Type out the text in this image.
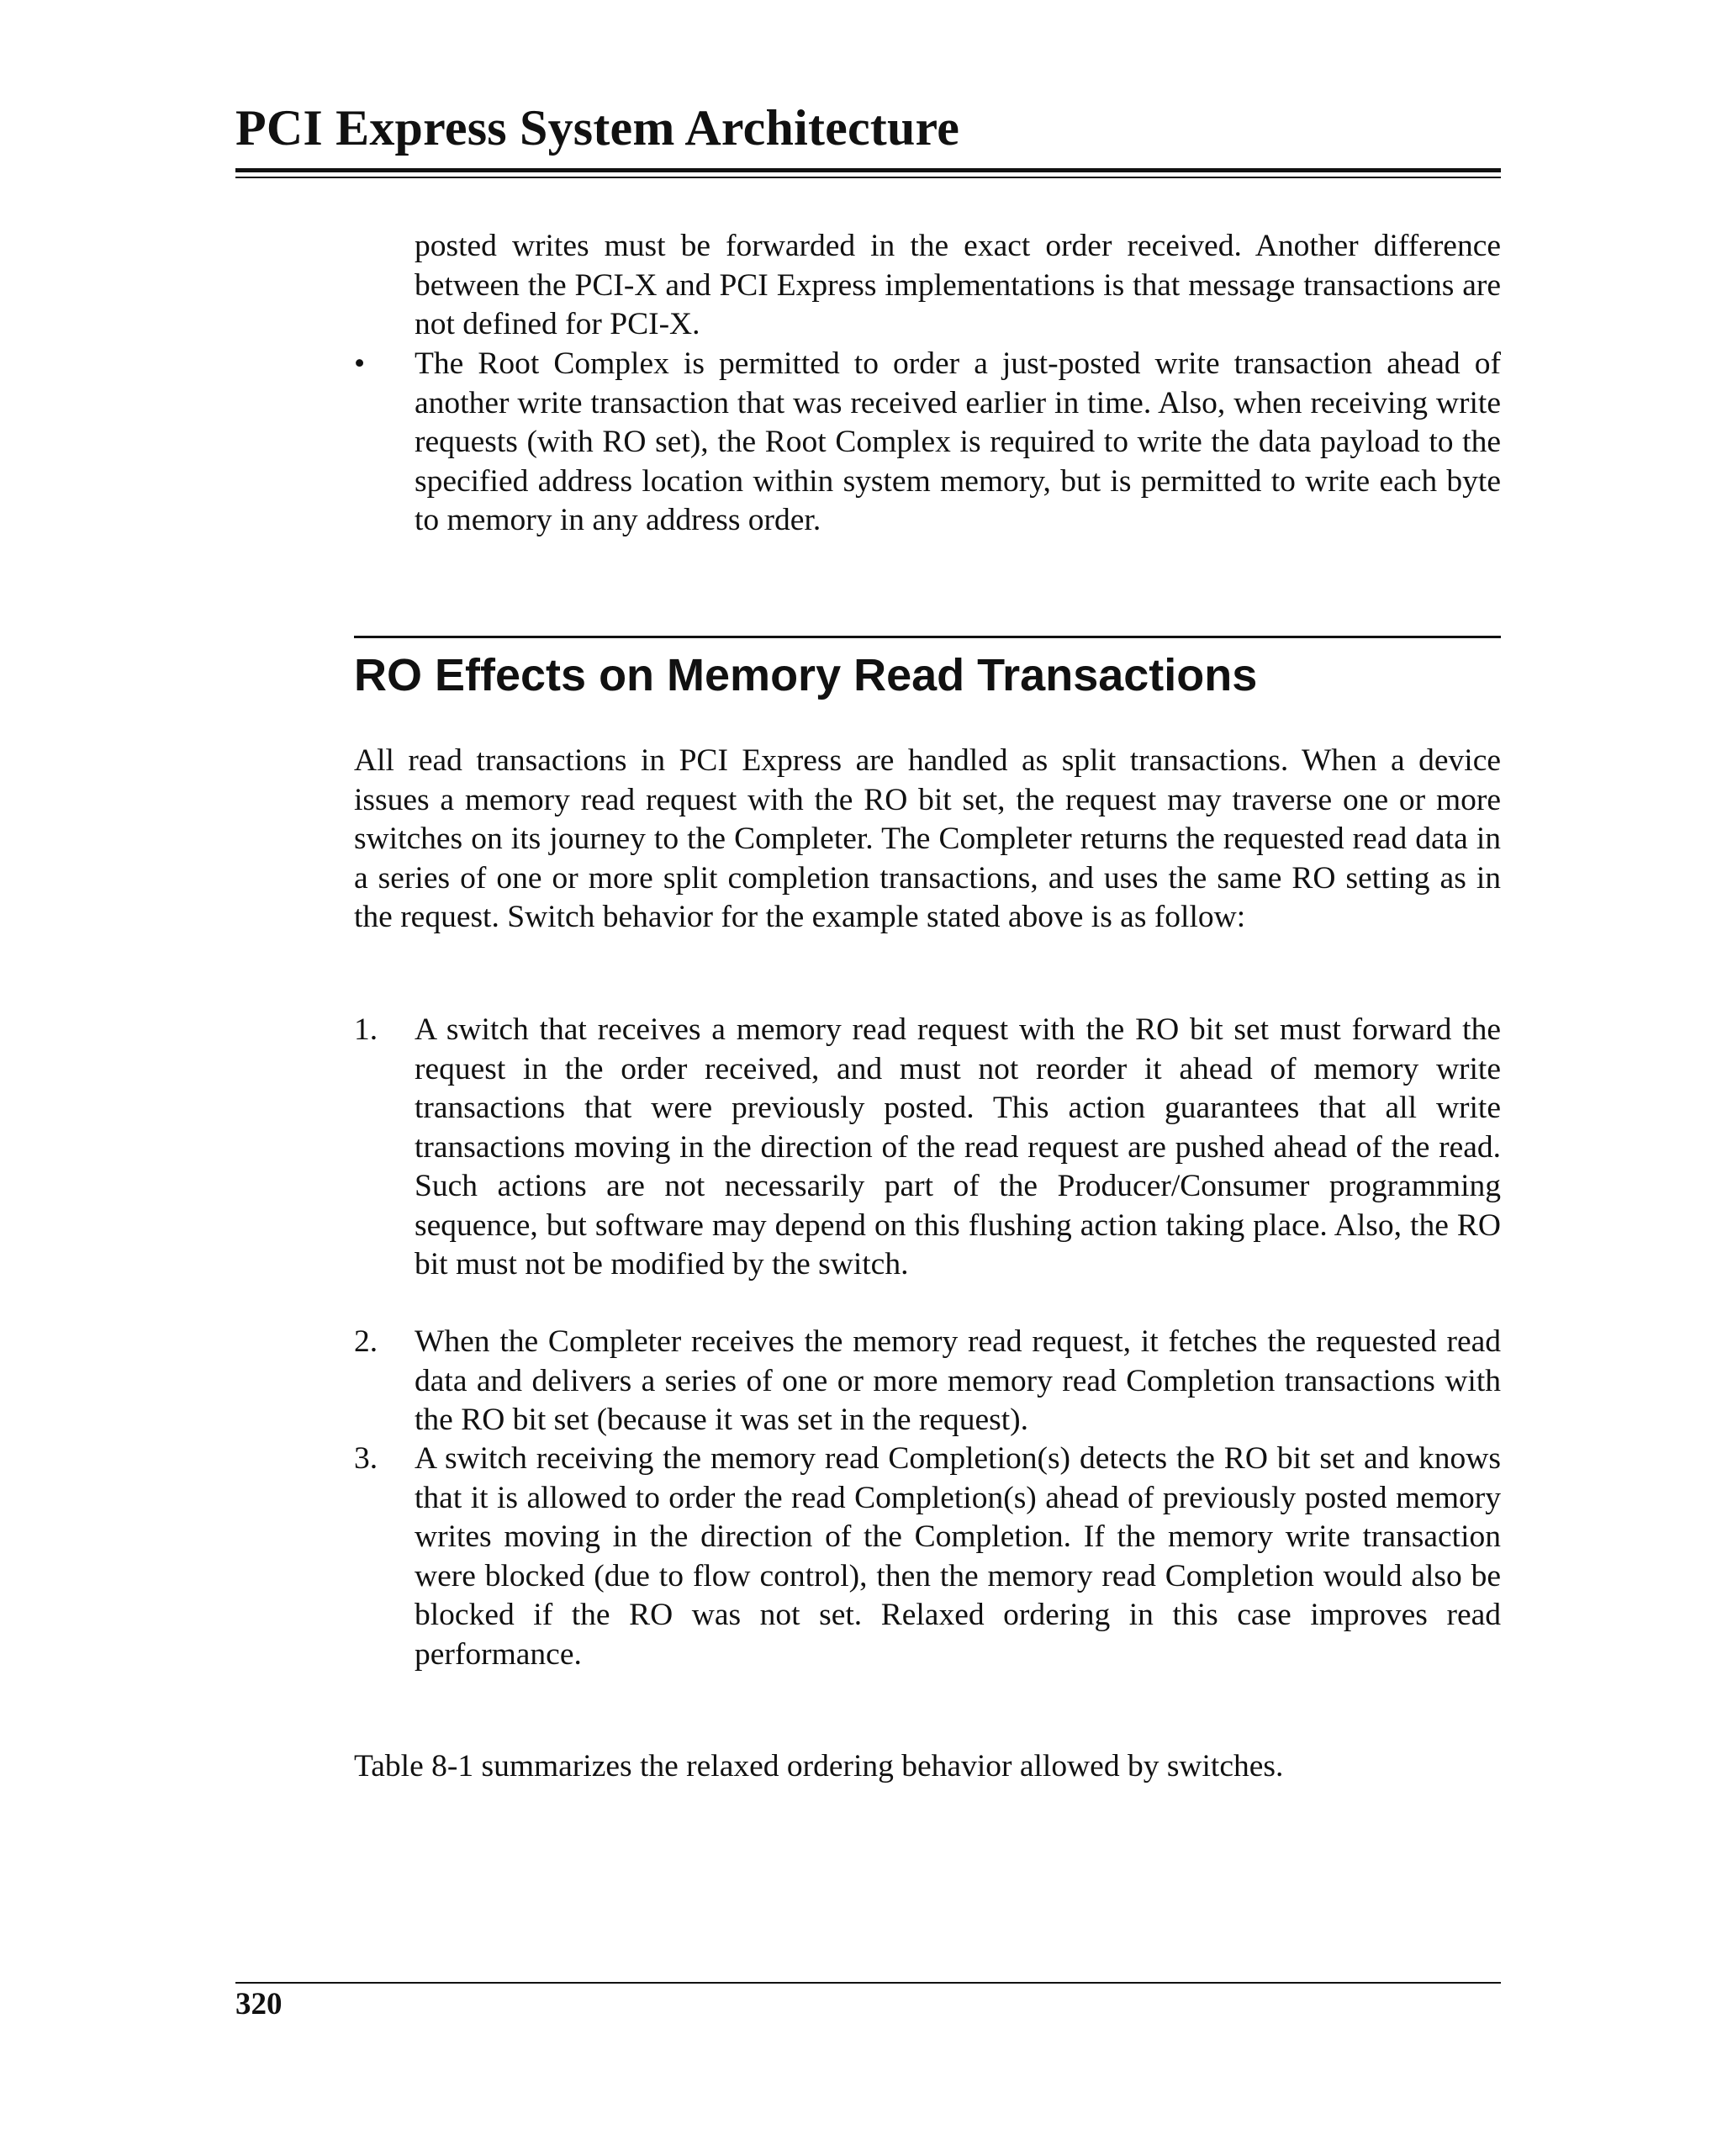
PCI Express System Architecture

posted writes must be forwarded in the exact order received. Another difference between the PCI-X and PCI Express implementations is that message transactions are not defined for PCI-X.

•	The Root Complex is permitted to order a just-posted write transaction ahead of another write transaction that was received earlier in time. Also, when receiving write requests (with RO set), the Root Complex is required to write the data payload to the specified address location within system memory, but is permitted to write each byte to memory in any address order.

RO Effects on Memory Read Transactions

All read transactions in PCI Express are handled as split transactions. When a device issues a memory read request with the RO bit set, the request may traverse one or more switches on its journey to the Completer. The Completer returns the requested read data in a series of one or more split completion transactions, and uses the same RO setting as in the request. Switch behavior for the example stated above is as follow:

1.	A switch that receives a memory read request with the RO bit set must forward the request in the order received, and must not reorder it ahead of memory write transactions that were previously posted. This action guarantees that all write transactions moving in the direction of the read request are pushed ahead of the read. Such actions are not necessarily part of the Producer/Consumer programming sequence, but software may depend on this flushing action taking place. Also, the RO bit must not be modified by the switch.

2.	When the Completer receives the memory read request, it fetches the requested read data and delivers a series of one or more memory read Completion transactions with the RO bit set (because it was set in the request).

3.	A switch receiving the memory read Completion(s) detects the RO bit set and knows that it is allowed to order the read Completion(s) ahead of previously posted memory writes moving in the direction of the Completion. If the memory write transaction were blocked (due to flow control), then the memory read Completion would also be blocked if the RO was not set. Relaxed ordering in this case improves read performance.

Table 8-1 summarizes the relaxed ordering behavior allowed by switches.

320
